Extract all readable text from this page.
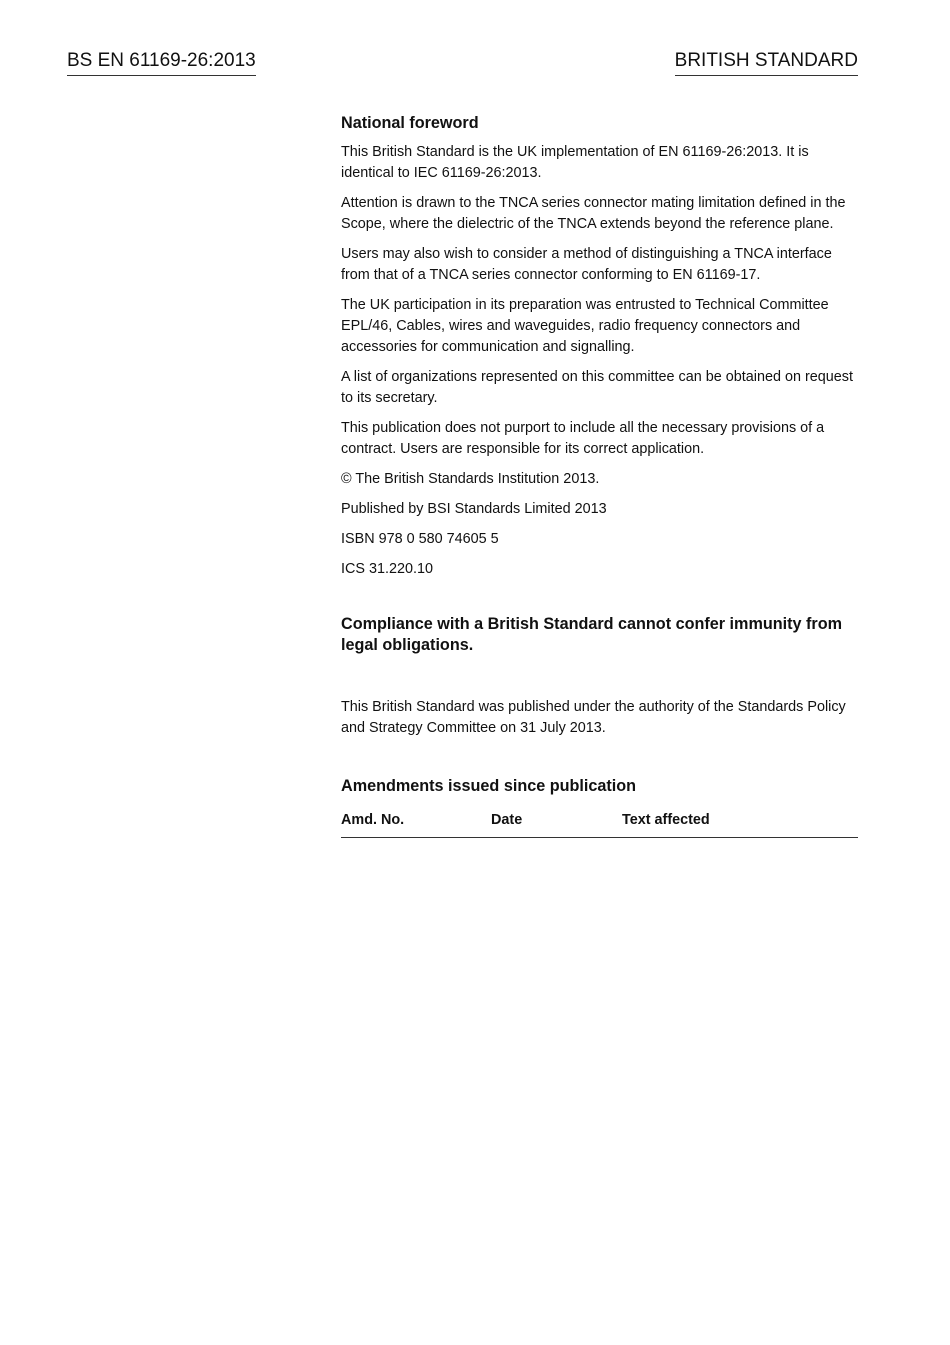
BS EN 61169-26:2013	BRITISH STANDARD
National foreword

This British Standard is the UK implementation of EN 61169-26:2013. It is identical to IEC 61169-26:2013.

Attention is drawn to the TNCA series connector mating limitation defined in the Scope, where the dielectric of the TNCA extends beyond the reference plane.

Users may also wish to consider a method of distinguishing a TNCA interface from that of a TNCA series connector conforming to EN 61169-17.

The UK participation in its preparation was entrusted to Technical Committee EPL/46, Cables, wires and waveguides, radio frequency connectors and accessories for communication and signalling.

A list of organizations represented on this committee can be obtained on request to its secretary.

This publication does not purport to include all the necessary provisions of a contract. Users are responsible for its correct application.

© The British Standards Institution 2013.

Published by BSI Standards Limited 2013

ISBN 978 0 580 74605 5

ICS 31.220.10

Compliance with a British Standard cannot confer immunity from legal obligations.
This British Standard was published under the authority of the Standards Policy and Strategy Committee on 31 July 2013.
Amendments issued since publication
Amd. No.	Date	Text affected
